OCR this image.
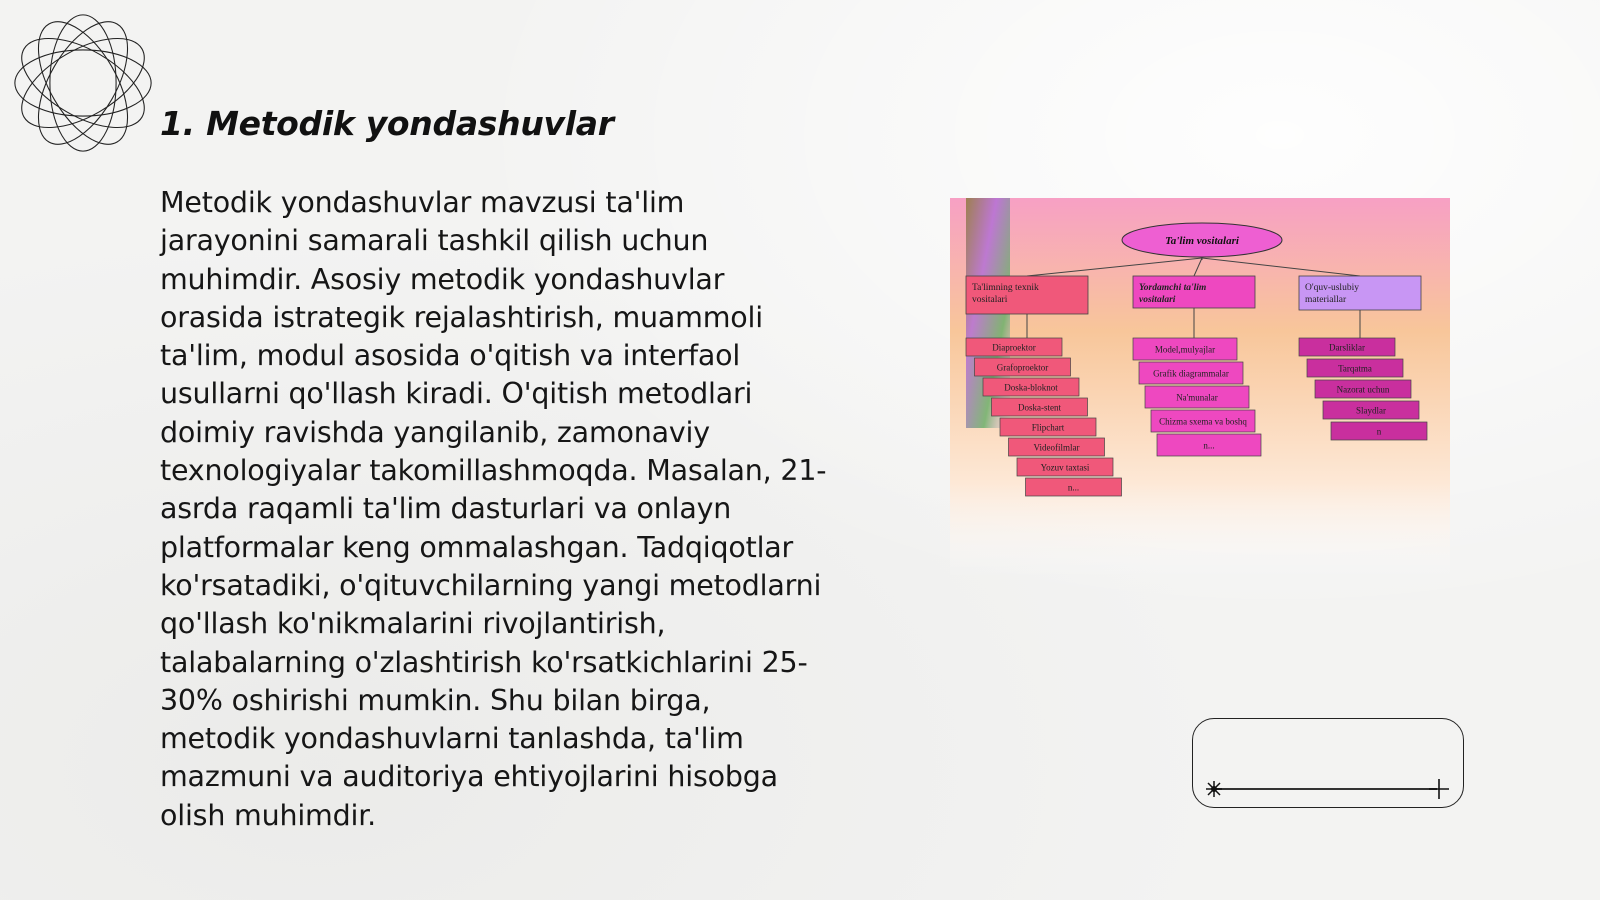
1. Metodik yondashuvlar

Metodik yondashuvlar mavzusi ta'lim jarayonini samarali tashkil qilish uchun muhimdir. Asosiy metodik yondashuvlar orasida istrategik rejalashtirish, muammoli ta'lim, modul asosida o'qitish va interfaol usullarni qo'llash kiradi. O'qitish metodlari doimiy ravishda yangilanib, zamonaviy texnologiyalar takomillashmoqda. Masalan, 21-asrda raqamli ta'lim dasturlari va onlayn platformalar keng ommalashgan. Tadqiqotlar ko'rsatadiki, o'qituvchilarning yangi metodlarni qo'llash ko'nikmalarini rivojlantirish, talabalarning o'zlashtirish ko'rsatkichlarini 25-30% oshirishi mumkin. Shu bilan birga, metodik yondashuvlarni tanlashda, ta'lim mazmuni va auditoriya ehtiyojlarini hisobga olish muhimdir.

Ta'lim vositalari
Ta'limning texnik vositalari
Diaproektor
Grafoproektor
Doska-bloknot
Doska-stent
Flipchart
Videofilmlar
Yozuv taxtasi
n...
Yordamchi ta'lim vositalari
Model,mulyajlar
Grafik diagrammalar
Na'munalar
Chizma sxema va boshq
n...
O'quv-uslubiy materiallar
Darsliklar
Tarqatma
Nazorat uchun
Slaydlar
n
